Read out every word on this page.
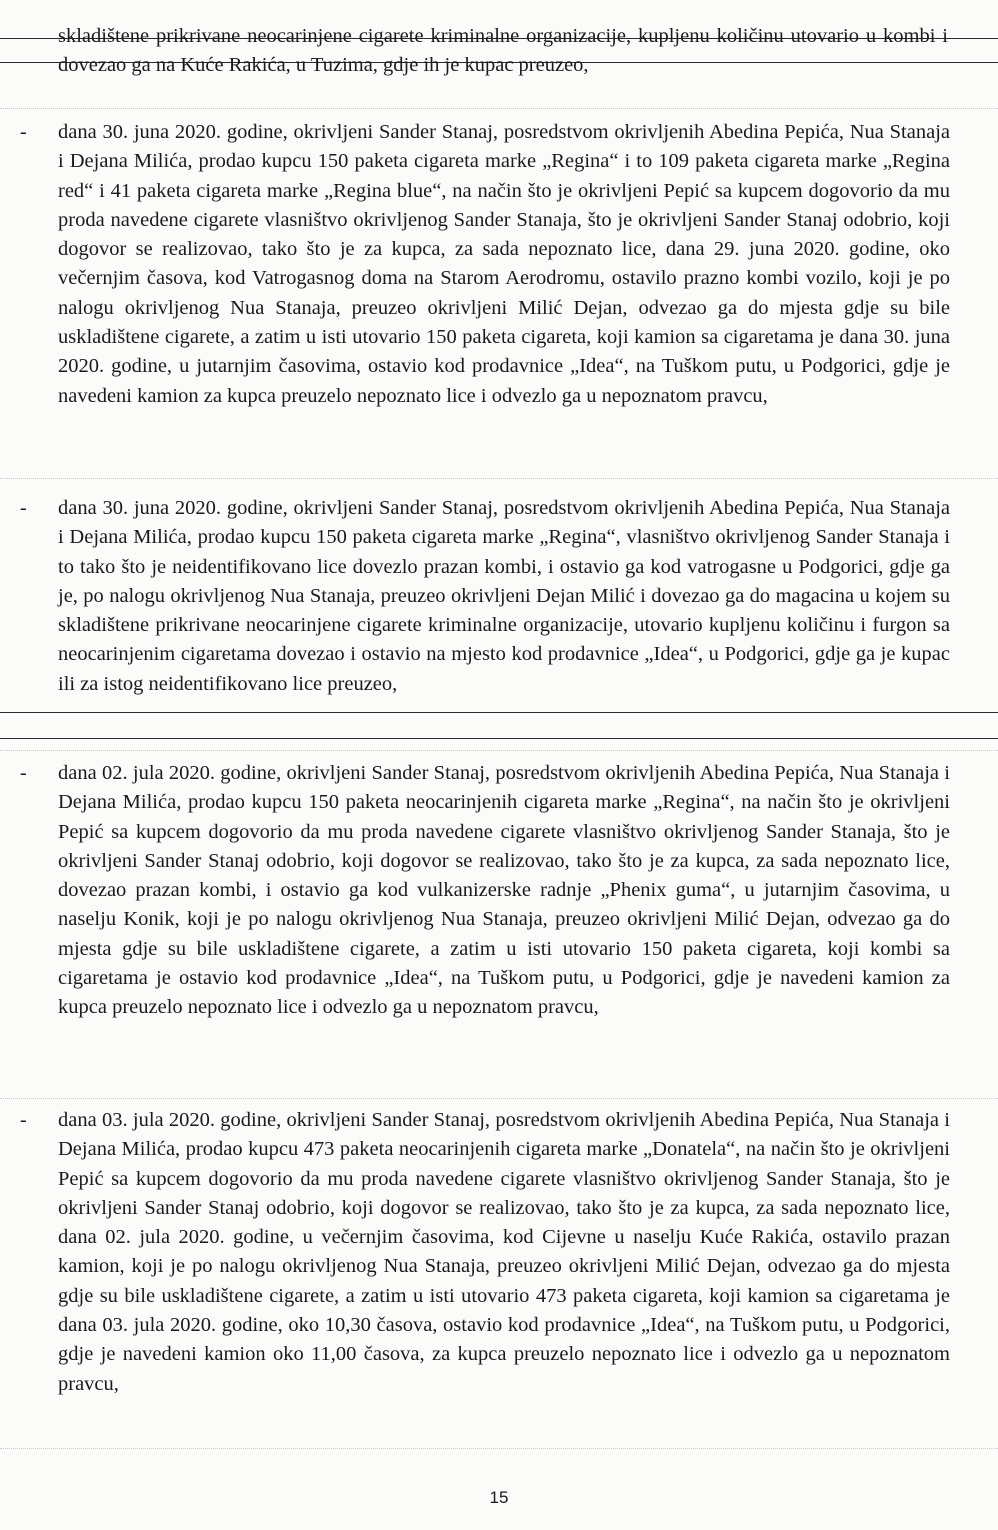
skladištene prikrivane neocarinjene cigarete kriminalne organizacije, kupljenu količinu utovario u kombi i dovezao ga na Kuće Rakića, u Tuzima, gdje ih je kupac preuzeo,
- dana 30. juna 2020. godine, okrivljeni Sander Stanaj, posredstvom okrivljenih Abedina Pepića, Nua Stanaja i Dejana Milića, prodao kupcu 150 paketa cigareta marke „Regina“ i to 109 paketa cigareta marke „Regina red“ i 41 paketa cigareta marke „Regina blue“, na način što je okrivljeni Pepić sa kupcem dogovorio da mu proda navedene cigarete vlasništvo okrivljenog Sander Stanaja, što je okrivljeni Sander Stanaj odobrio, koji dogovor se realizovao, tako što je za kupca, za sada nepoznato lice, dana 29. juna 2020. godine, oko večernjim časova, kod Vatrogasnog doma na Starom Aerodromu, ostavilo prazno kombi vozilo, koji je po nalogu okrivljenog Nua Stanaja, preuzeo okrivljeni Milić Dejan, odvezao ga do mjesta gdje su bile uskladištene cigarete, a zatim u isti utovario 150 paketa cigareta, koji kamion sa cigaretama je dana 30. juna 2020. godine, u jutarnjim časovima, ostavio kod prodavnice „Idea“, na Tuškom putu, u Podgorici, gdje je navedeni kamion za kupca preuzelo nepoznato lice i odvezlo ga u nepoznatom pravcu,
- dana 30. juna 2020. godine, okrivljeni Sander Stanaj, posredstvom okrivljenih Abedina Pepića, Nua Stanaja i Dejana Milića, prodao kupcu 150 paketa cigareta marke „Regina“, vlasništvo okrivljenog Sander Stanaja i to tako što je neidentifikovano lice dovezlo prazan kombi, i ostavio ga kod vatrogasne u Podgorici, gdje ga je, po nalogu okrivljenog Nua Stanaja, preuzeo okrivljeni Dejan Milić i dovezao ga do magacina u kojem su skladištene prikrivane neocarinjene cigarete kriminalne organizacije, utovario kupljenu količinu i furgon sa neocarinjenim cigaretama dovezao i ostavio na mjesto kod prodavnice „Idea“, u Podgorici, gdje ga je kupac ili za istog neidentifikovano lice preuzeo,
- dana 02. jula 2020. godine, okrivljeni Sander Stanaj, posredstvom okrivljenih Abedina Pepića, Nua Stanaja i Dejana Milića, prodao kupcu 150 paketa neocarinjenih cigareta marke „Regina“, na način što je okrivljeni Pepić sa kupcem dogovorio da mu proda navedene cigarete vlasništvo okrivljenog Sander Stanaja, što je okrivljeni Sander Stanaj odobrio, koji dogovor se realizovao, tako što je za kupca, za sada nepoznato lice, dovezao prazan kombi, i ostavio ga kod vulkanizerske radnje „Phenix guma“, u jutarnjim časovima, u naselju Konik, koji je po nalogu okrivljenog Nua Stanaja, preuzeo okrivljeni Milić Dejan, odvezao ga do mjesta gdje su bile uskladištene cigarete, a zatim u isti utovario 150 paketa cigareta, koji kombi sa cigaretama je ostavio kod prodavnice „Idea“, na Tuškom putu, u Podgorici, gdje je navedeni kamion za kupca preuzelo nepoznato lice i odvezlo ga u nepoznatom pravcu,
- dana 03. jula 2020. godine, okrivljeni Sander Stanaj, posredstvom okrivljenih Abedina Pepića, Nua Stanaja i Dejana Milića, prodao kupcu 473 paketa neocarinjenih cigareta marke „Donatela“, na način što je okrivljeni Pepić sa kupcem dogovorio da mu proda navedene cigarete vlasništvo okrivljenog Sander Stanaja, što je okrivljeni Sander Stanaj odobrio, koji dogovor se realizovao, tako što je za kupca, za sada nepoznato lice, dana 02. jula 2020. godine, u večernjim časovima, kod Cijevne u naselju Kuće Rakića, ostavilo prazan kamion, koji je po nalogu okrivljenog Nua Stanaja, preuzeo okrivljeni Milić Dejan, odvezao ga do mjesta gdje su bile uskladištene cigarete, a zatim u isti utovario 473 paketa cigareta, koji kamion sa cigaretama je dana 03. jula 2020. godine, oko 10,30 časova, ostavio kod prodavnice „Idea“, na Tuškom putu, u Podgorici, gdje je navedeni kamion oko 11,00 časova, za kupca preuzelo nepoznato lice i odvezlo ga u nepoznatom pravcu,
15
